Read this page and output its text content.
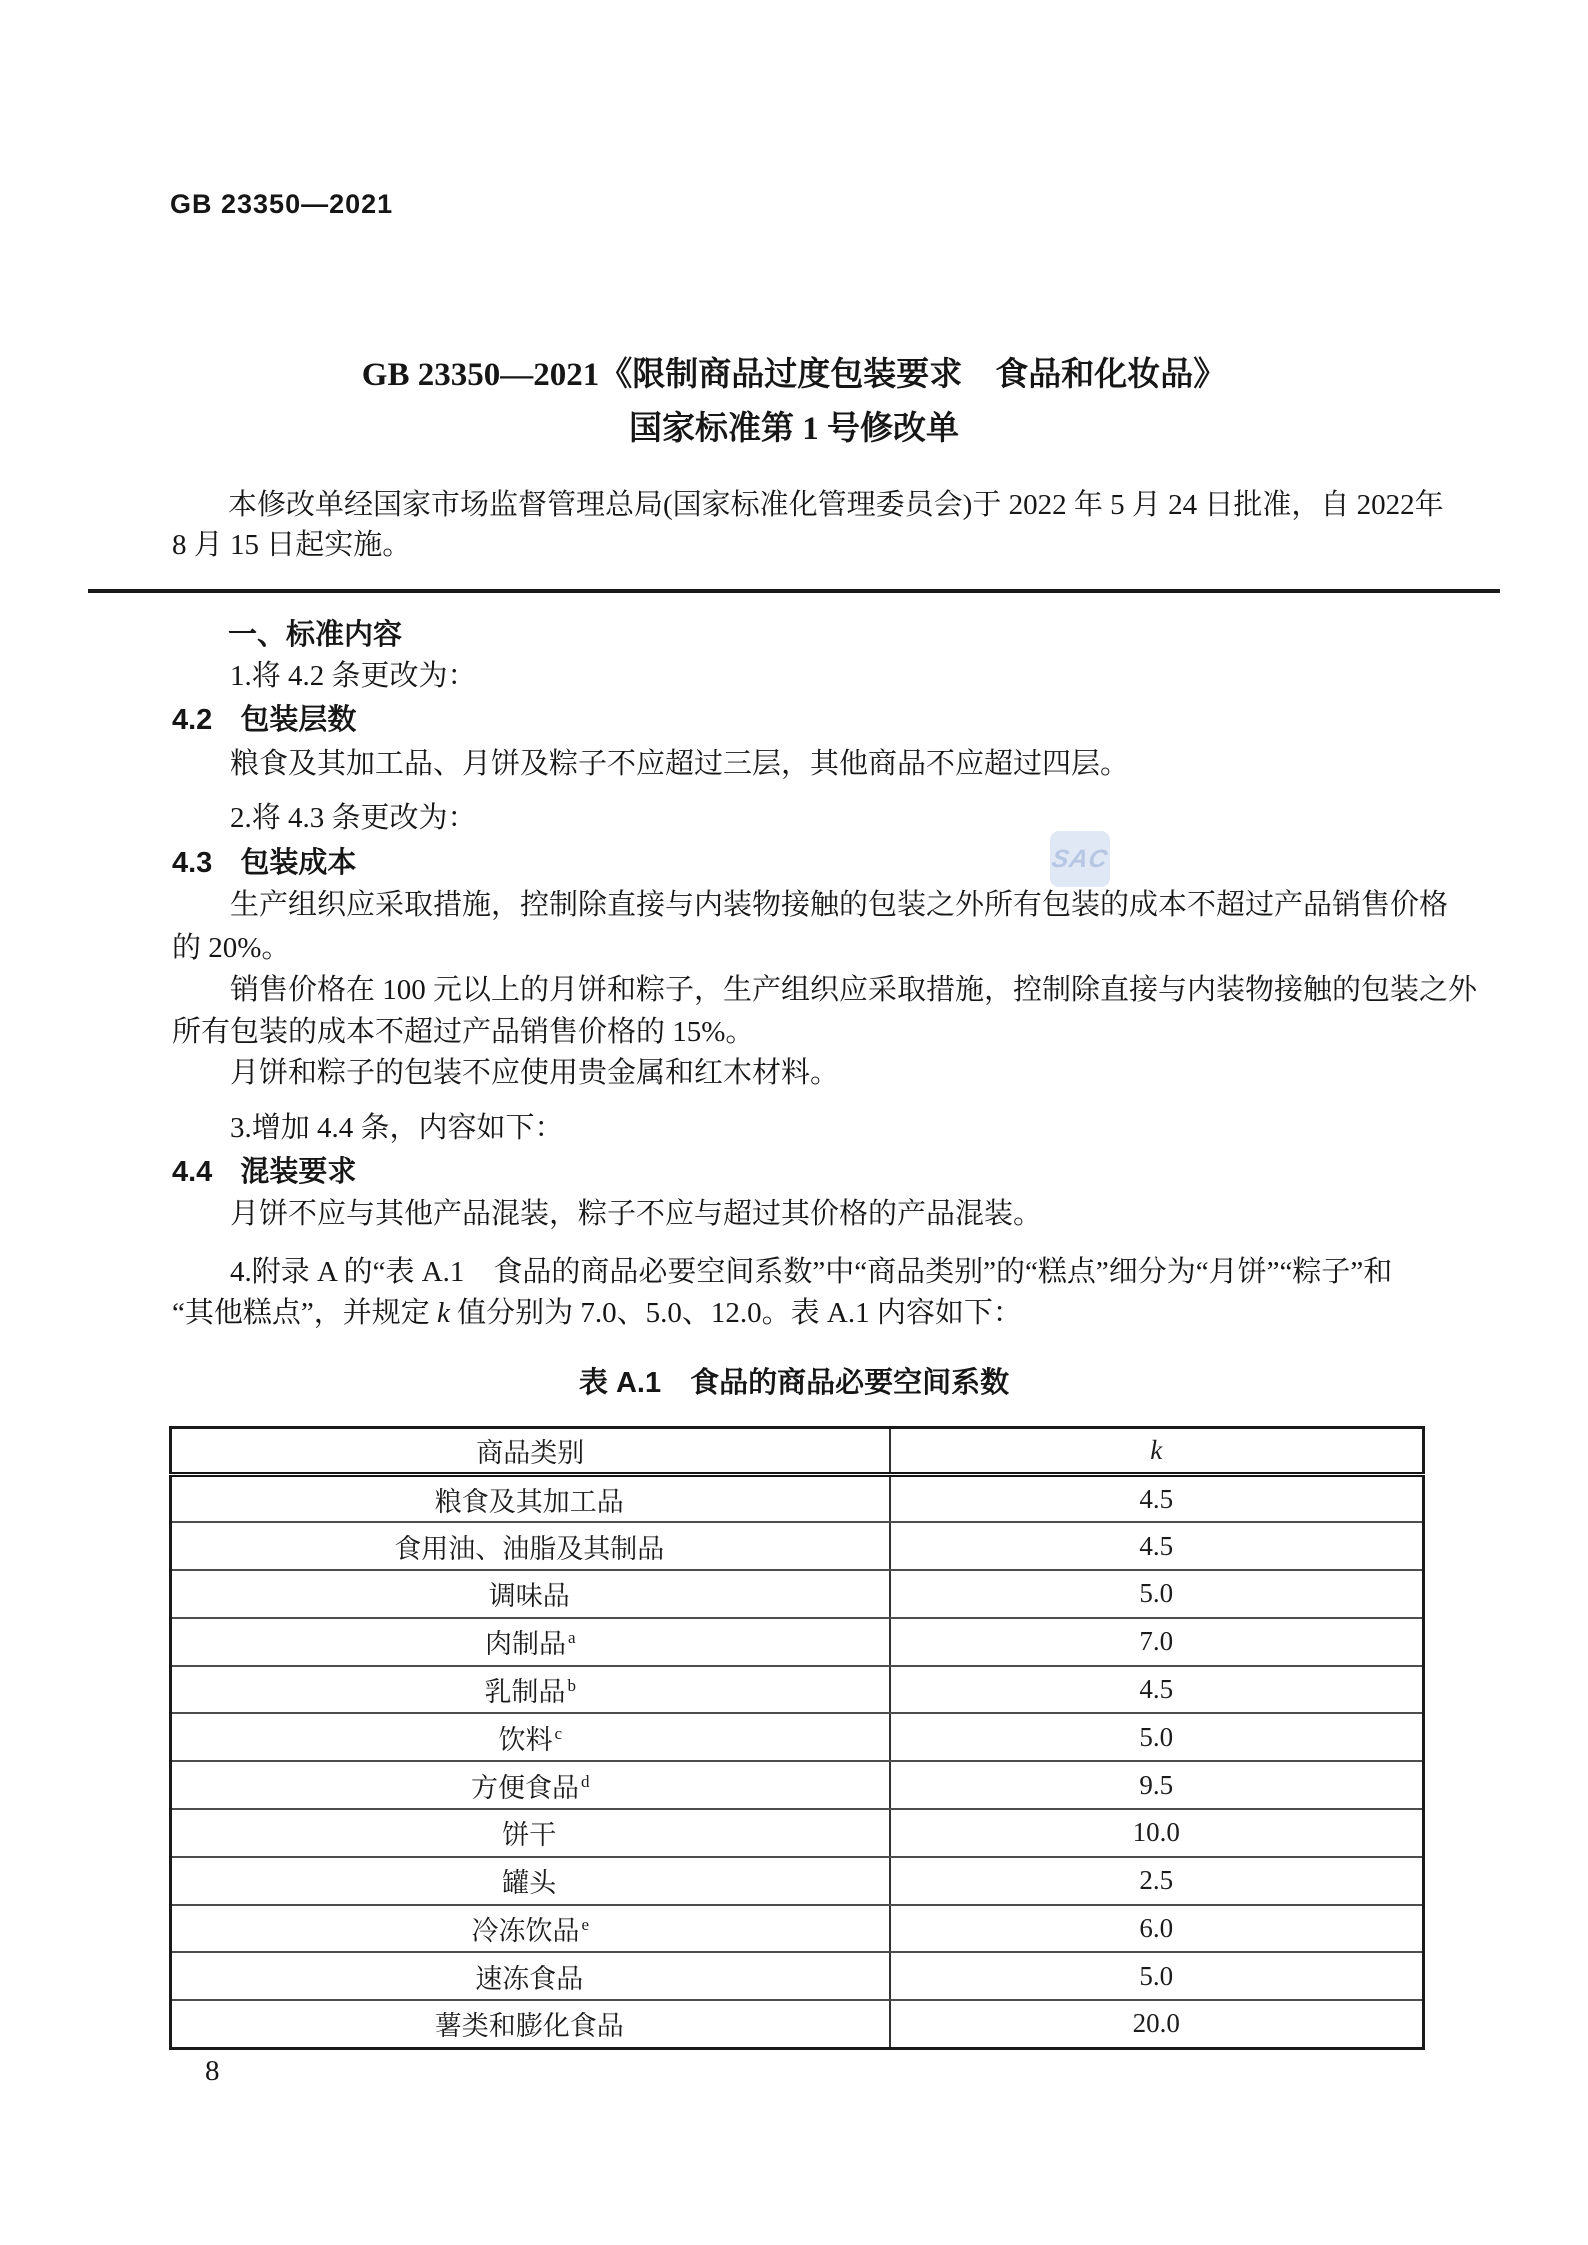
GB 23350—2021
GB 23350—2021《限制商品过度包装要求　食品和化妆品》
国家标准第 1 号修改单
本修改单经国家市场监督管理总局(国家标准化管理委员会)于 2022 年 5 月 24 日批准，自 2022年
8 月 15 日起实施。
一、标准内容
1.将 4.2 条更改为：
4.2 包装层数
粮食及其加工品、月饼及粽子不应超过三层，其他商品不应超过四层。
2.将 4.3 条更改为：
4.3 包装成本	SAC
生产组织应采取措施，控制除直接与内装物接触的包装之外所有包装的成本不超过产品销售价格
的 20%。
销售价格在 100 元以上的月饼和粽子，生产组织应采取措施，控制除直接与内装物接触的包装之外
所有包装的成本不超过产品销售价格的 15%。
月饼和粽子的包装不应使用贵金属和红木材料。
3.增加 4.4 条，内容如下：
4.4 混装要求
月饼不应与其他产品混装，粽子不应与超过其价格的产品混装。
4.附录 A 的“表 A.1　食品的商品必要空间系数”中“商品类别”的“糕点”细分为“月饼”“粽子”和
“其他糕点”，并规定 k 值分别为 7.0、5.0、12.0。表 A.1 内容如下：
表 A.1　食品的商品必要空间系数
商品类别	k
粮食及其加工品	4.5
食用油、油脂及其制品	4.5
调味品	5.0
肉制品 $^a$	7.0
乳制品 $^b$	4.5
饮料 $^c$	5.0
方便食品 $^d$	9.5
饼干	10.0
罐头	2.5
冷冻饮品 $^e$	6.0
速冻食品	5.0
薯类和膨化食品	20.0
8
